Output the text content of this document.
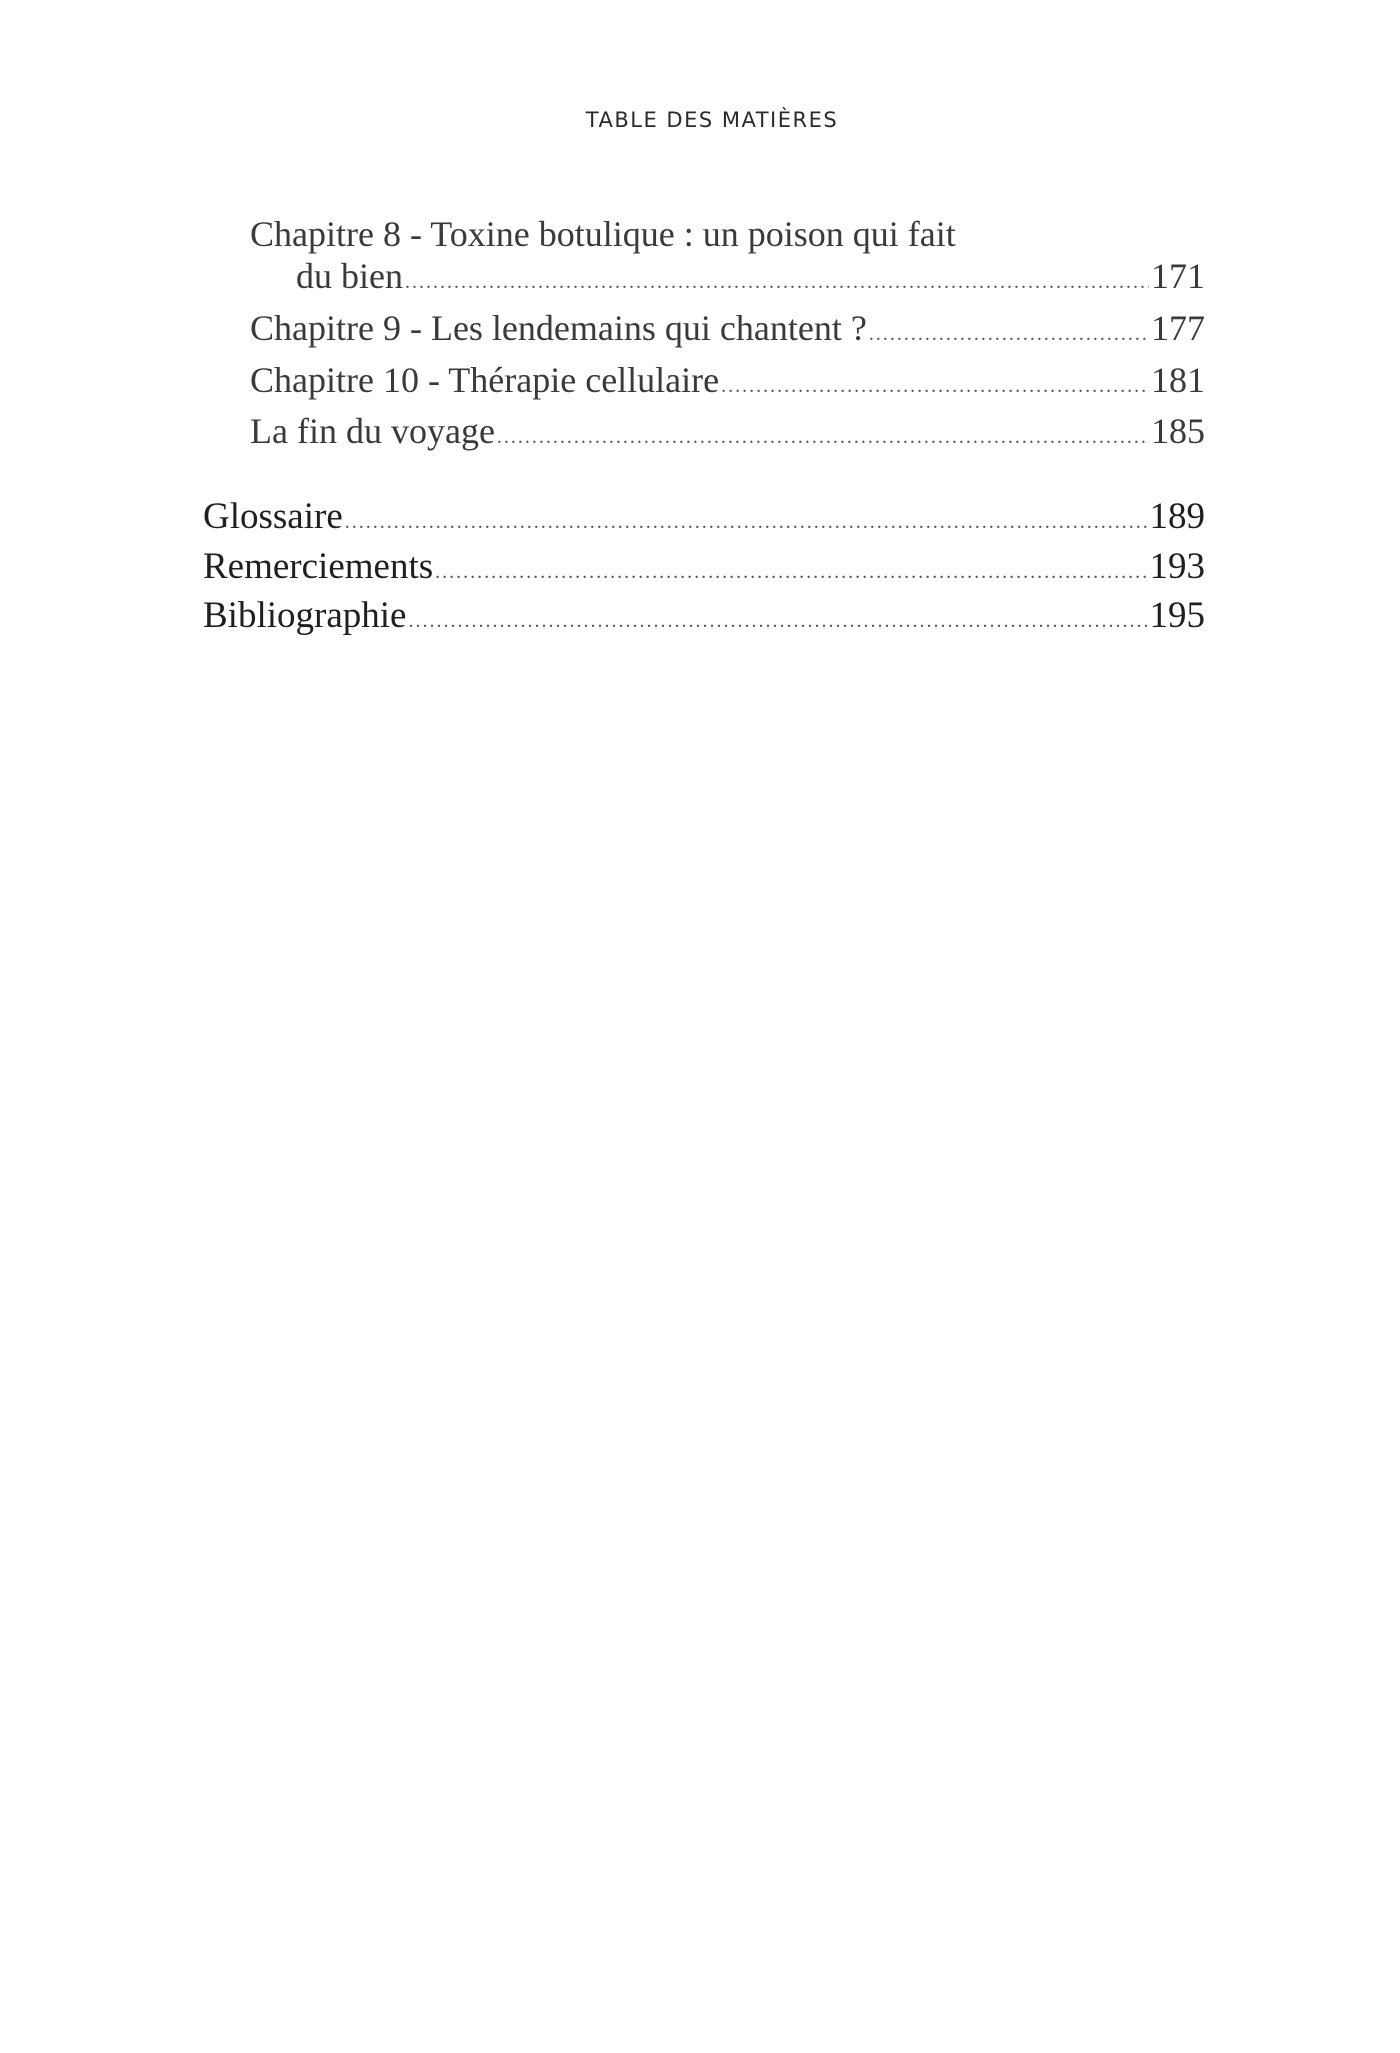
TABLE DES MATIÈRES
Chapitre 8 - Toxine botulique : un poison qui fait
du bien . . .	171
Chapitre 9 - Les lendemains qui chantent ? . . .	177
Chapitre 10 - Thérapie cellulaire . . .	181
La fin du voyage . . .	185
Glossaire . . .	189
Remerciements . . .	193
Bibliographie . . .	195
